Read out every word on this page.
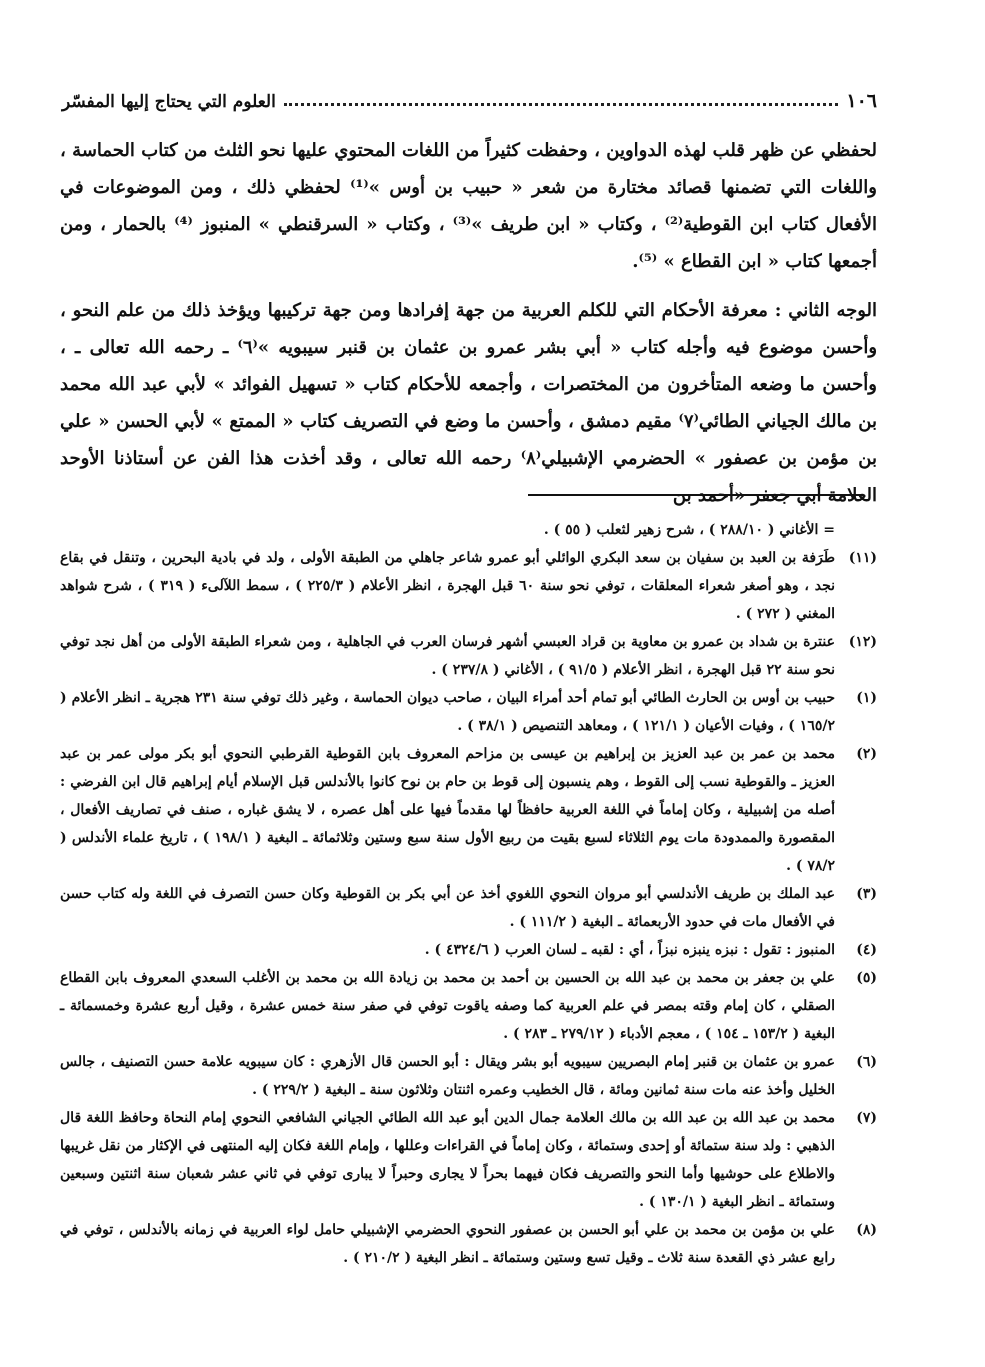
١٠٦
العلوم التي يحتاج إليها المفسّر

لحفظي عن ظهر قلب لهذه الدواوين ، وحفظت كثيراً من اللغات المحتوي عليها نحو الثلث من كتاب الحماسة ، واللغات التي تضمنها قصائد مختارة من شعر « حبيب بن أوس »⁽¹⁾ لحفظي ذلك ، ومن الموضوعات في الأفعال كتاب ابن القوطية⁽²⁾ ، وكتاب « ابن طريف »⁽³⁾ ، وكتاب « السرقنطي » المنبوز ⁽⁴⁾ بالحمار ، ومن أجمعها كتاب « ابن القطاع » ⁽⁵⁾.

الوجه الثاني : معرفة الأحكام التي للكلم العربية من جهة إفرادها ومن جهة تركيبها ويؤخذ ذلك من علم النحو ، وأحسن موضوع فيه وأجله كتاب « أبي بشر عمرو بن عثمان بن قنبر سيبويه »⁽٦⁾ ـ رحمه الله تعالى ـ ، وأحسن ما وضعه المتأخرون من المختصرات ، وأجمعه للأحكام كتاب « تسهيل الفوائد » لأبي عبد الله محمد بن مالك الجياني الطائي⁽٧⁾ مقيم دمشق ، وأحسن ما وضع في التصريف كتاب « الممتع » لأبي الحسن « علي بن مؤمن بن عصفور » الحضرمي الإشبيلي⁽٨⁾ رحمه الله تعالى ، وقد أخذت هذا الفن عن أستاذنا الأوحد العلامة أبي جعفر «أحمد بن

= الأغاني ( ٢٨٨/١٠ ) ، شرح زهير لثعلب ( ٥٥ ) .
(١١)
طَرَفة بن العبد بن سفيان بن سعد البكري الوائلي أبو عمرو شاعر جاهلي من الطبقة الأولى ، ولد في بادية البحرين ، وتنقل في بقاع نجد ، وهو أصغر شعراء المعلقات ، توفي نحو سنة ٦٠ قبل الهجرة ، انظر الأعلام ( ٢٢٥/٣ ) ، سمط اللآلىء ( ٣١٩ ) ، شرح شواهد المغني ( ٢٧٢ ) .
(١٢)
عنترة بن شداد بن عمرو بن معاوية بن قراد العبسي أشهر فرسان العرب في الجاهلية ، ومن شعراء الطبقة الأولى من أهل نجد توفي نحو سنة ٢٢ قبل الهجرة ، انظر الأعلام ( ٩١/٥ ) ، الأغاني ( ٢٣٧/٨ ) .
(١)
حبيب بن أوس بن الحارث الطائي أبو تمام أحد أمراء البيان ، صاحب ديوان الحماسة ، وغير ذلك توفي سنة ٢٣١ هجرية ـ انظر الأعلام ( ١٦٥/٢ ) ، وفيات الأعيان ( ١٢١/١ ) ، ومعاهد التنصيص ( ٣٨/١ ) .
(٢)
محمد بن عمر بن عبد العزيز بن إبراهيم بن عيسى بن مزاحم المعروف بابن القوطية القرطبي النحوي أبو بكر مولى عمر بن عبد العزيز ـ والقوطية نسب إلى القوط ، وهم ينسبون إلى قوط بن حام بن نوح كانوا بالأندلس قبل الإسلام أيام إبراهيم قال ابن الفرضي : أصله من إشبيلية ، وكان إماماً في اللغة العربية حافظاً لها مقدماً فيها على أهل عصره ، لا يشق غباره ، صنف في تصاريف الأفعال ، المقصورة والممدودة مات يوم الثلاثاء لسبع بقيت من ربيع الأول سنة سبع وستين وثلاثمائة ـ البغية ( ١٩٨/١ ) ، تاريخ علماء الأندلس ( ٧٨/٢ ) .
(٣)
عبد الملك بن طريف الأندلسي أبو مروان النحوي اللغوي أخذ عن أبي بكر بن القوطية وكان حسن التصرف في اللغة وله كتاب حسن في الأفعال مات في حدود الأربعمائة ـ البغية ( ١١١/٢ ) .
(٤)
المنبوز : تقول : نبزه ينبزه نبزاً ، أي : لقبه ـ لسان العرب ( ٤٣٢٤/٦ ) .
(٥)
علي بن جعفر بن محمد بن عبد الله بن الحسين بن أحمد بن محمد بن زيادة الله بن محمد بن الأغلب السعدي المعروف بابن القطاع الصقلي ، كان إمام وقته بمصر في علم العربية كما وصفه ياقوت توفي في صفر سنة خمس عشرة ، وقيل أربع عشرة وخمسمائة ـ البغية ( ١٥٣/٢ ـ ١٥٤ ) ، معجم الأدباء ( ٢٧٩/١٢ ـ ٢٨٣ ) .
(٦)
عمرو بن عثمان بن قنبر إمام البصريين سيبويه أبو بشر ويقال : أبو الحسن قال الأزهري : كان سيبويه علامة حسن التصنيف ، جالس الخليل وأخذ عنه مات سنة ثمانين ومائة ، قال الخطيب وعمره اثنتان وثلاثون سنة ـ البغية ( ٢٢٩/٢ ) .
(٧)
محمد بن عبد الله بن عبد الله بن مالك العلامة جمال الدين أبو عبد الله الطائي الجياني الشافعي النحوي إمام النحاة وحافظ اللغة قال الذهبي : ولد سنة ستمائة أو إحدى وستمائة ، وكان إماماً في القراءات وعللها ، وإمام اللغة فكان إليه المنتهى في الإكثار من نقل غريبها والاطلاع على حوشيها وأما النحو والتصريف فكان فيهما بحراً لا يجارى وحبراً لا يبارى توفي في ثاني عشر شعبان سنة اثنتين وسبعين وستمائة ـ انظر البغية ( ١٣٠/١ ) .
(٨)
علي بن مؤمن بن محمد بن علي أبو الحسن بن عصفور النحوي الحضرمي الإشبيلي حامل لواء العربية في زمانه بالأندلس ، توفي في رابع عشر ذي القعدة سنة ثلاث ـ وقيل تسع وستين وستمائة ـ انظر البغية ( ٢١٠/٢ ) .
